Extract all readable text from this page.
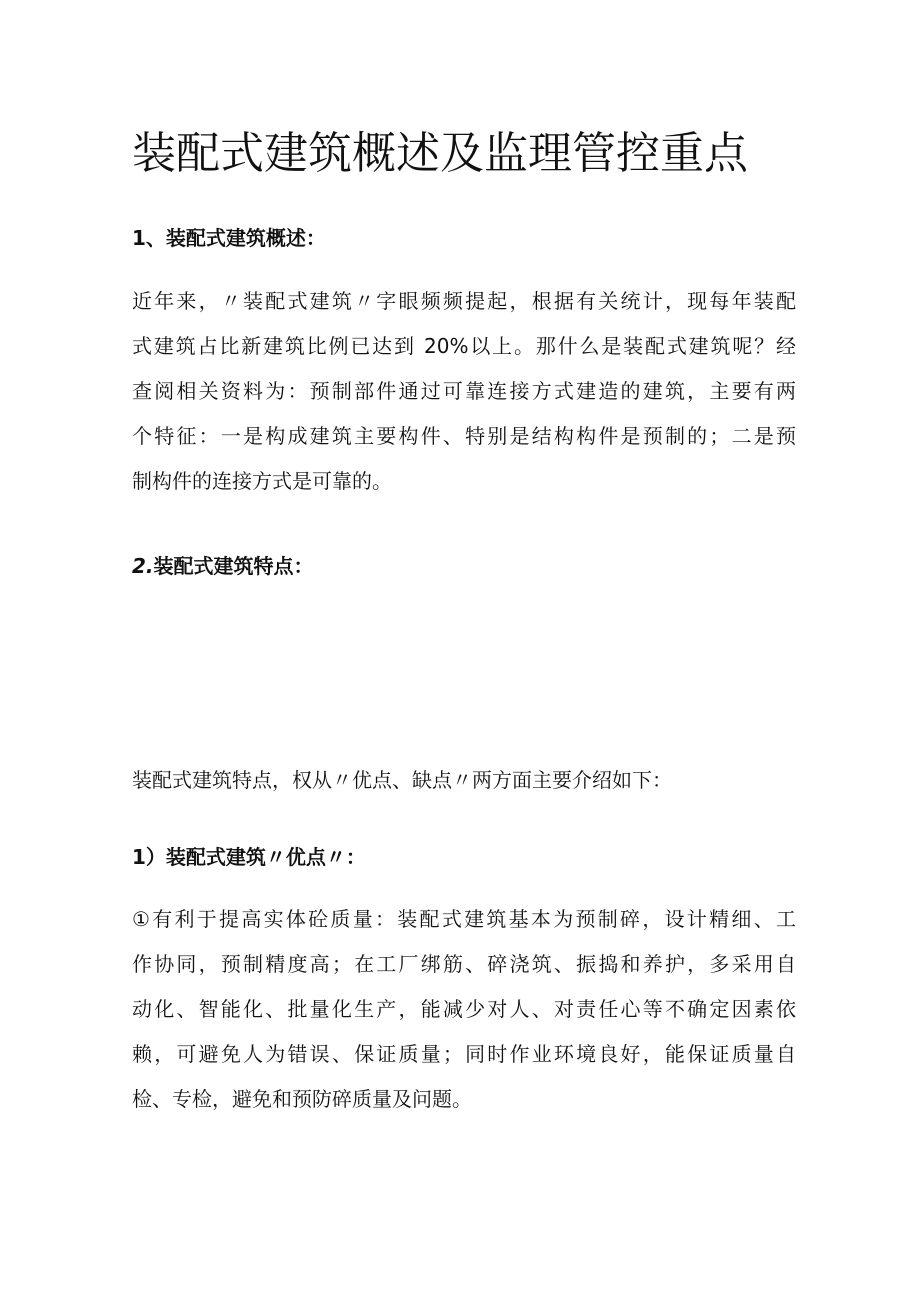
装配式建筑概述及监理管控重点
1、装配式建筑概述：
近年来，〃装配式建筑〃字眼频频提起，根据有关统计，现每年装配
式建筑占比新建筑比例已达到 20%以上。那什么是装配式建筑呢？经
查阅相关资料为：预制部件通过可靠连接方式建造的建筑，主要有两
个特征：一是构成建筑主要构件、特别是结构构件是预制的；二是预
制构件的连接方式是可靠的。
2.装配式建筑特点：
装配式建筑特点，权从〃优点、缺点〃两方面主要介绍如下：
1）装配式建筑〃优点〃：
①有利于提高实体砼质量：装配式建筑基本为预制碎，设计精细、工
作协同，预制精度高；在工厂绑筋、碎浇筑、振捣和养护，多采用自
动化、智能化、批量化生产，能减少对人、对责任心等不确定因素依
赖，可避免人为错误、保证质量；同时作业环境良好，能保证质量自
检、专检，避免和预防碎质量及问题。
